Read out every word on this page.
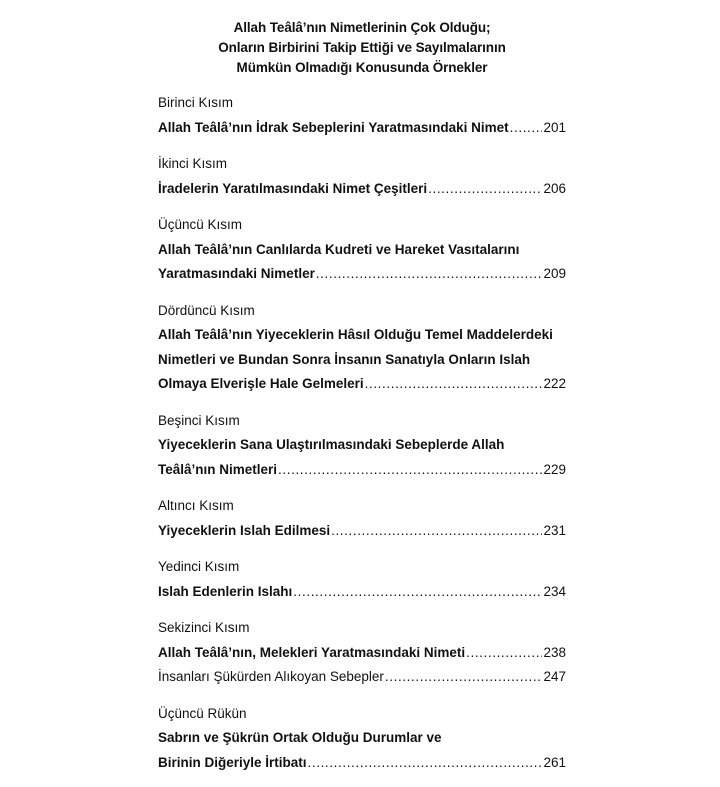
Allah Teâlâ’nın Nimetlerinin Çok Olduğu;
Onların Birbirini Takip Ettiği ve Sayılmalarının
Mümkün Olmadığı Konusunda Örnekler
Birinci Kısım
Allah Teâlâ’nın İdrak Sebeplerini Yaratmasındaki Nimet .....	201
İkinci Kısım
İradelerin Yaratılmasındaki Nimet Çeşitleri .....	206
Üçüncü Kısım
Allah Teâlâ’nın Canlılarda Kudreti ve Hareket Vasıtalarını
Yaratmasındaki Nimetler .....	209
Dördüncü Kısım
Allah Teâlâ’nın Yiyeceklerin Hâsıl Olduğu Temel Maddelerdeki
Nimetleri ve Bundan Sonra İnsanın Sanatıyla Onların Islah
Olmaya Elverişle Hale Gelmeleri .....	222
Beşinci Kısım
Yiyeceklerin Sana Ulaştırılmasındaki Sebeplerde Allah
Teâlâ’nın Nimetleri .....	229
Altıncı Kısım
Yiyeceklerin Islah Edilmesi .....	231
Yedinci Kısım
Islah Edenlerin Islahı .....	234
Sekizinci Kısım
Allah Teâlâ’nın, Melekleri Yaratmasındaki Nimeti .....	238
İnsanları Şükürden Alıkoyan Sebepler .....	247
Üçüncü Rükün
Sabrın ve Şükrün Ortak Olduğu Durumlar ve
Birinin Diğeriyle İrtibatı .....	261
